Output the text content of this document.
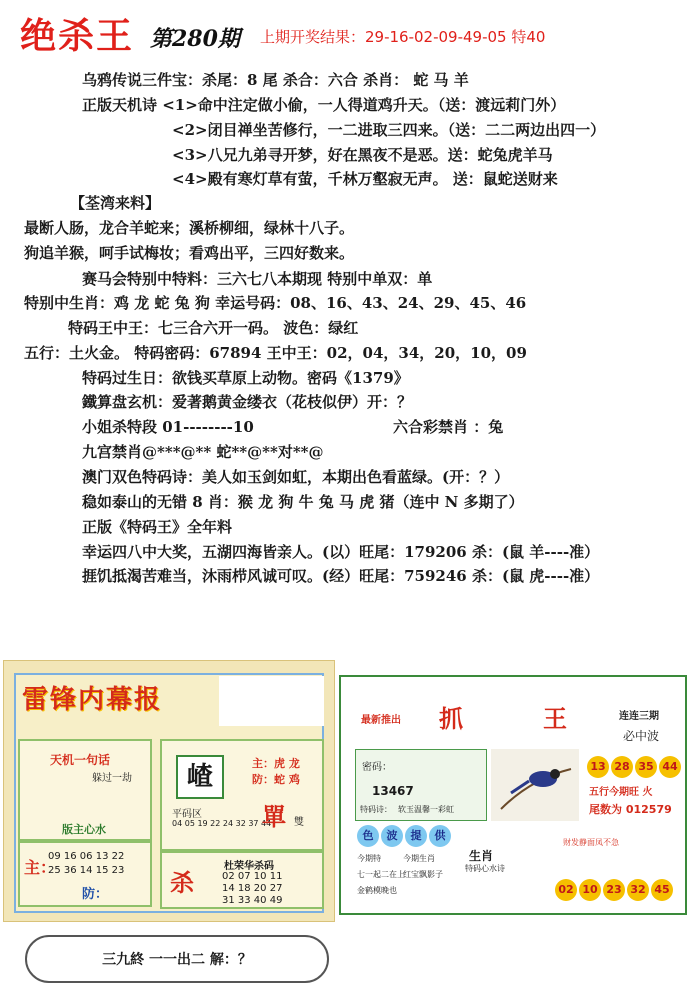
绝杀王 第280期 上期开奖结果：29-16-02-09-49-05 特40
乌鸦传说三件宝：杀尾：8 尾 杀合：六合 杀肖： 蛇 马 羊
正版天机诗 <1>命中注定做小偷，一人得道鸡升天。（送：渡远莉门外）
<2>闭目禅坐苦修行，一二进取三四来。（送：二二两边出四一）
<3>八兄九弟寻开梦，好在黑夜不是恶。送：蛇兔虎羊马
<4>殿有寒灯草有萤，千林万壑寂无声。 送：鼠蛇送财来
【荃湾来料】
最断人肠，龙合羊蛇来；溪桥柳细，绿林十八子。
狗追羊猴，呵手试梅妆；看鸡出平，三四好数来。
赛马会特别中特料：三六七八本期现 特别中单双：单
特别中生肖：鸡 龙 蛇 兔 狗 幸运号码：08、16、43、24、29、45、46
特码王中王：七三合六开一码。 波色：绿红
五行：土火金。 特码密码：67894 王中王：02，04，34，20，10，09
特码过生日：欲钱买草原上动物。密码《1379》
鐵算盘玄机：爱著鹅黄金缕衣（花枝似伊）开：？
小姐杀特段 01--------10	六合彩禁肖 ：兔
九宫禁肖@***@** 蛇**@**对**@
澳门双色特码诗：美人如玉剑如虹，本期出色看蓝绿。(开：？）
稳如泰山的无错 8 肖：猴 龙 狗 牛 兔 马 虎 猪（连中 N 多期了）
正版《特码王》全年料
幸运四八中大奖，五湖四海皆亲人。(以）旺尾：179206 杀：(鼠 羊----准）
捱饥抵渴苦难当，沐雨栉风诚可叹。(经）旺尾：759246 杀：(鼠 虎----准）
雷锋内幕报
天机一句话
躲过一劫
版主心水
主：
09 16 06 13 22
25 36 14 15 23
防：
嵖	主：虎 龙
防：蛇 鸡
平码区
04 05 19 22 24 32 37 44
單 雙
杀
杜荣华杀码
02 07 10 11
14 18 20 27
31 33 40 49
最新推出 抓	王	连连三期
必中波
密码：
13467
特码诗： 软玉温馨一彩虹
13 28 35 44
五行今期旺 火
尾数为 012579
色	波	提	供
今期特	今期生肖
七一起二在上
红宝飘影子
金鹤模晚也
生肖
特码心水诗
财发静面凤不急
02 10 23 32 45
三九終 一一出二 解：？
